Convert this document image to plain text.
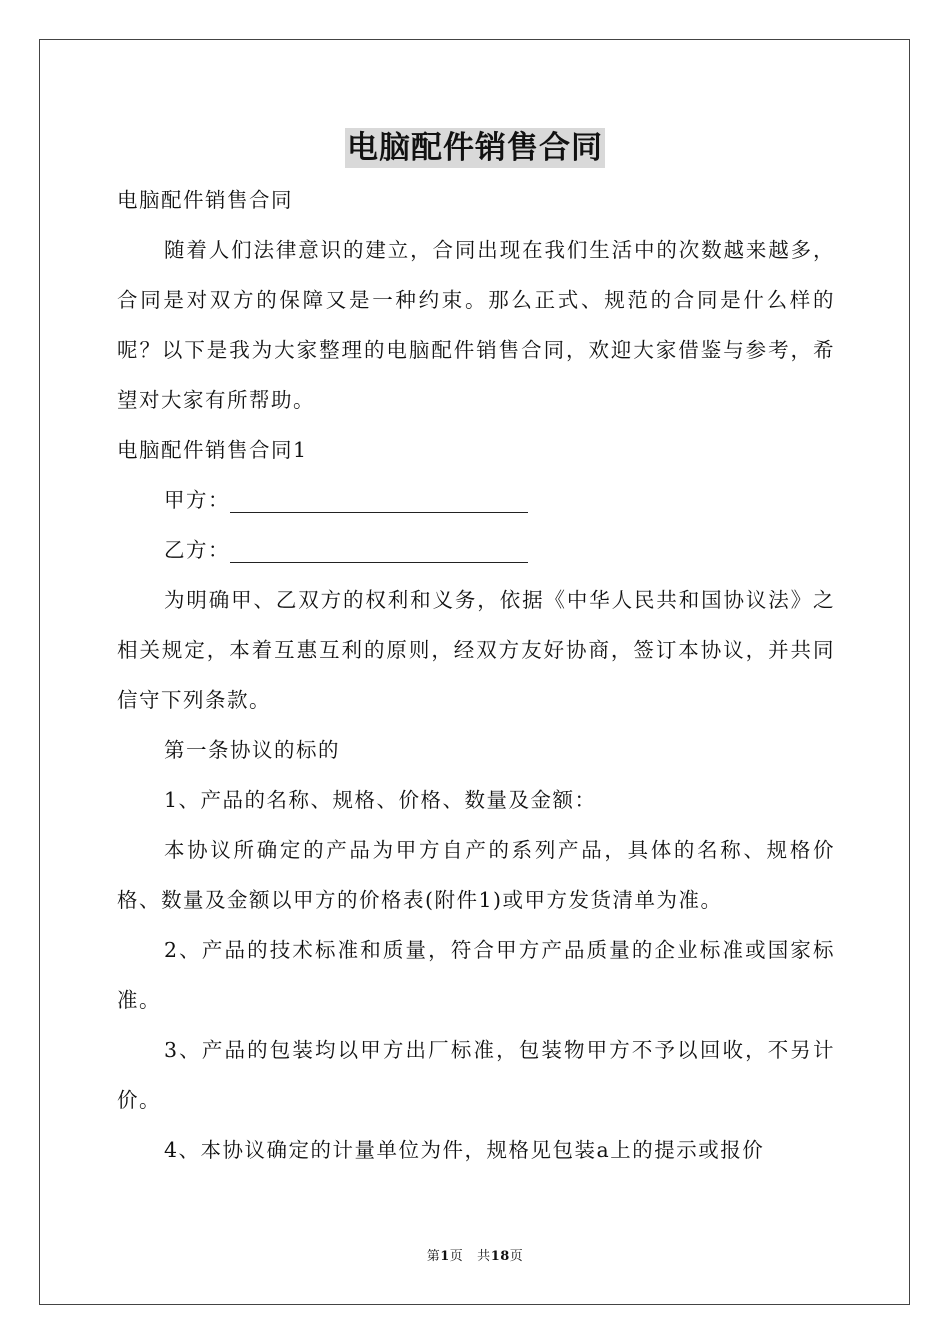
电脑配件销售合同

电脑配件销售合同

随着人们法律意识的建立，合同出现在我们生活中的次数越来越多，合同是对双方的保障又是一种约束。那么正式、规范的合同是什么样的呢？以下是我为大家整理的电脑配件销售合同，欢迎大家借鉴与参考，希望对大家有所帮助。

电脑配件销售合同1

甲方：

乙方：

为明确甲、乙双方的权利和义务，依据《中华人民共和国协议法》之相关规定，本着互惠互利的原则，经双方友好协商，签订本协议，并共同信守下列条款。

第一条协议的标的

1、产品的名称、规格、价格、数量及金额：

本协议所确定的产品为甲方自产的系列产品，具体的名称、规格价格、数量及金额以甲方的价格表(附件1)或甲方发货清单为准。

2、产品的技术标准和质量，符合甲方产品质量的企业标准或国家标准。

3、产品的包装均以甲方出厂标准，包装物甲方不予以回收，不另计价。

4、本协议确定的计量单位为件，规格见包装a上的提示或报价

第1页 共18页
